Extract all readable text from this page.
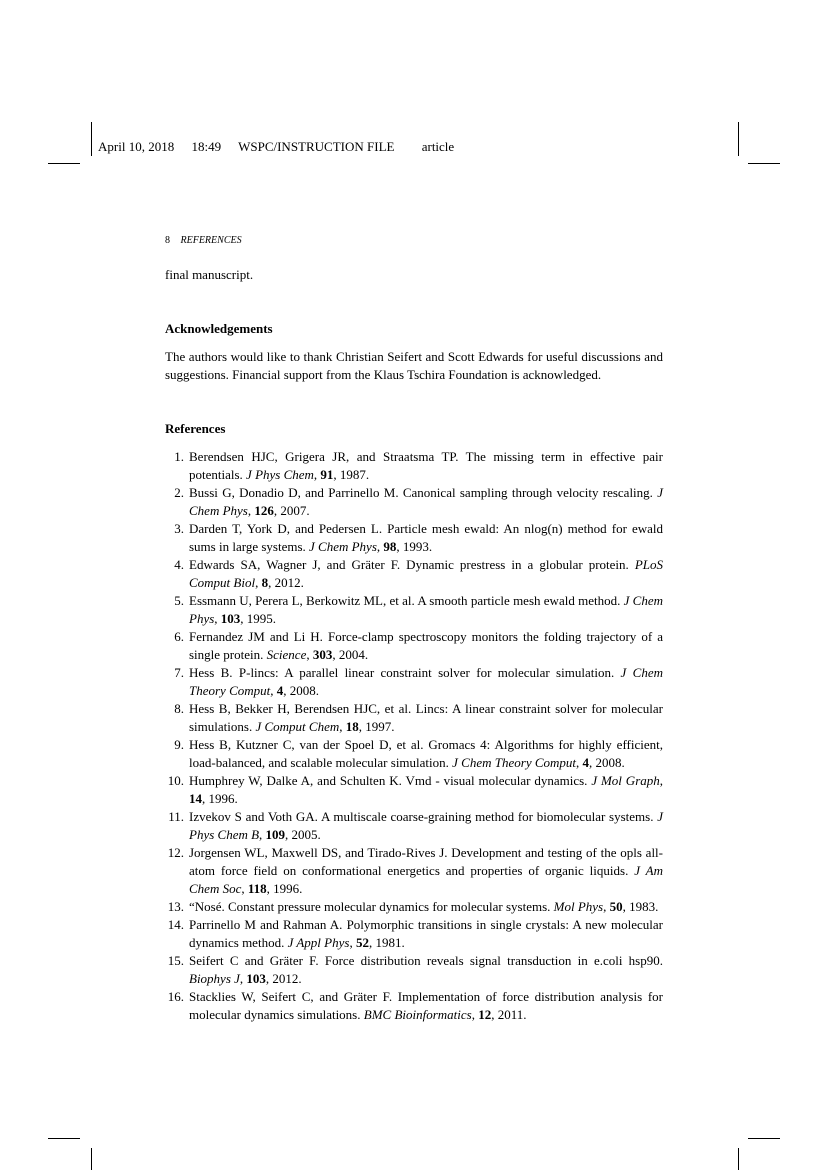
April 10, 2018 18:49 WSPC/INSTRUCTION FILE article
8 REFERENCES

final manuscript.

Acknowledgements

The authors would like to thank Christian Seifert and Scott Edwards for useful discussions and suggestions. Financial support from the Klaus Tschira Foundation is acknowledged.

References
1. Berendsen HJC, Grigera JR, and Straatsma TP. The missing term in effective pair potentials. J Phys Chem, 91, 1987.
2. Bussi G, Donadio D, and Parrinello M. Canonical sampling through velocity rescaling. J Chem Phys, 126, 2007.
3. Darden T, York D, and Pedersen L. Particle mesh ewald: An nlog(n) method for ewald sums in large systems. J Chem Phys, 98, 1993.
4. Edwards SA, Wagner J, and Gräter F. Dynamic prestress in a globular protein. PLoS Comput Biol, 8, 2012.
5. Essmann U, Perera L, Berkowitz ML, et al. A smooth particle mesh ewald method. J Chem Phys, 103, 1995.
6. Fernandez JM and Li H. Force-clamp spectroscopy monitors the folding trajectory of a single protein. Science, 303, 2004.
7. Hess B. P-lincs: A parallel linear constraint solver for molecular simulation. J Chem Theory Comput, 4, 2008.
8. Hess B, Bekker H, Berendsen HJC, et al. Lincs: A linear constraint solver for molecular simulations. J Comput Chem, 18, 1997.
9. Hess B, Kutzner C, van der Spoel D, et al. Gromacs 4: Algorithms for highly efficient, load-balanced, and scalable molecular simulation. J Chem Theory Comput, 4, 2008.
10. Humphrey W, Dalke A, and Schulten K. Vmd - visual molecular dynamics. J Mol Graph, 14, 1996.
11. Izvekov S and Voth GA. A multiscale coarse-graining method for biomolecular systems. J Phys Chem B, 109, 2005.
12. Jorgensen WL, Maxwell DS, and Tirado-Rives J. Development and testing of the opls all-atom force field on conformational energetics and properties of organic liquids. J Am Chem Soc, 118, 1996.
13. “Nosé. Constant pressure molecular dynamics for molecular systems. Mol Phys, 50, 1983.
14. Parrinello M and Rahman A. Polymorphic transitions in single crystals: A new molecular dynamics method. J Appl Phys, 52, 1981.
15. Seifert C and Gräter F. Force distribution reveals signal transduction in e.coli hsp90. Biophys J, 103, 2012.
16. Stacklies W, Seifert C, and Gräter F. Implementation of force distribution analysis for molecular dynamics simulations. BMC Bioinformatics, 12, 2011.
